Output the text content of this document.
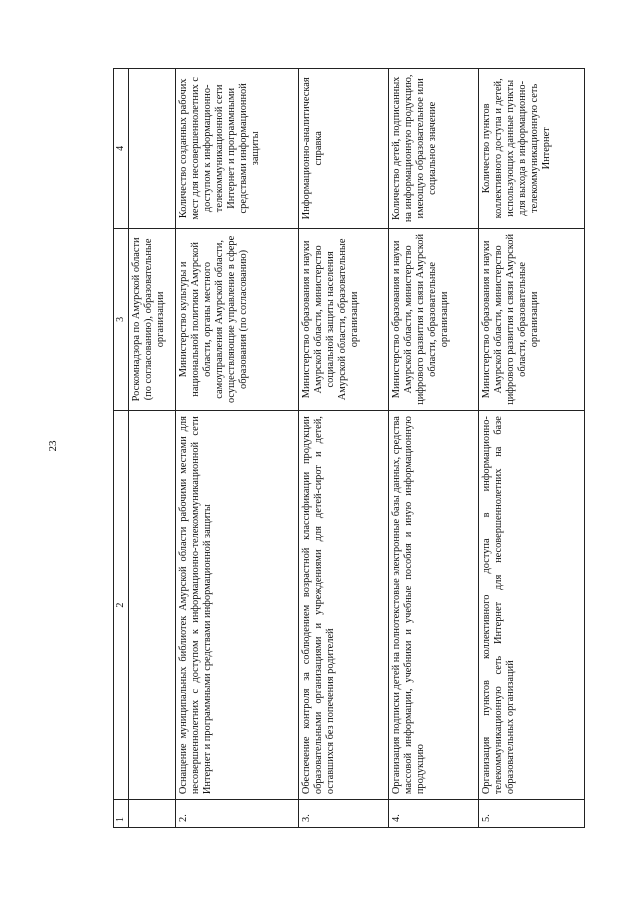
23
1	2	3	4
		Роскомнадзора по Амурской области (по согласованию), образовательные организации	
2.	Оснащение муниципальных библиотек Амурской области рабочими местами для несовершеннолетних с доступом к информационно-телекоммуникационной сети Интернет и программными средствами информационной защиты	Министерство культуры и национальной политики Амурской области, органы местного самоуправления Амурской области, осуществляющие управление в сфере образования (по согласованию)	Количество созданных рабочих мест для несовершеннолетних с доступом к информационно-телекоммуникационной сети Интернет и программными средствами информационной защиты
3.	Обеспечение контроля за соблюдением возрастной классификации продукции образовательными организациями и учреждениями для детей-сирот и детей, оставшихся без попечения родителей	Министерство образования и науки Амурской области, министерство социальной защиты населения Амурской области, образовательные организации	Информационно-аналитическая справка
4.	Организация подписки детей на полнотекстовые электронные базы данных, средства массовой информации, учебники и учебные пособия и иную информационную продукцию	Министерство образования и науки Амурской области, министерство цифрового развития и связи Амурской области, образовательные организации	Количество детей, подписанных на информационную продукцию, имеющую образовательное или социальное значение
5.	Организация пунктов коллективного доступа в информационно-телекоммуникационную сеть Интернет для несовершеннолетних на базе образовательных организаций	Министерство образования и науки Амурской области, министерство цифрового развития и связи Амурской области, образовательные организации	Количество пунктов коллективного доступа и детей, использующих данные пункты для выхода в информационно-телекоммуникационную сеть Интернет
